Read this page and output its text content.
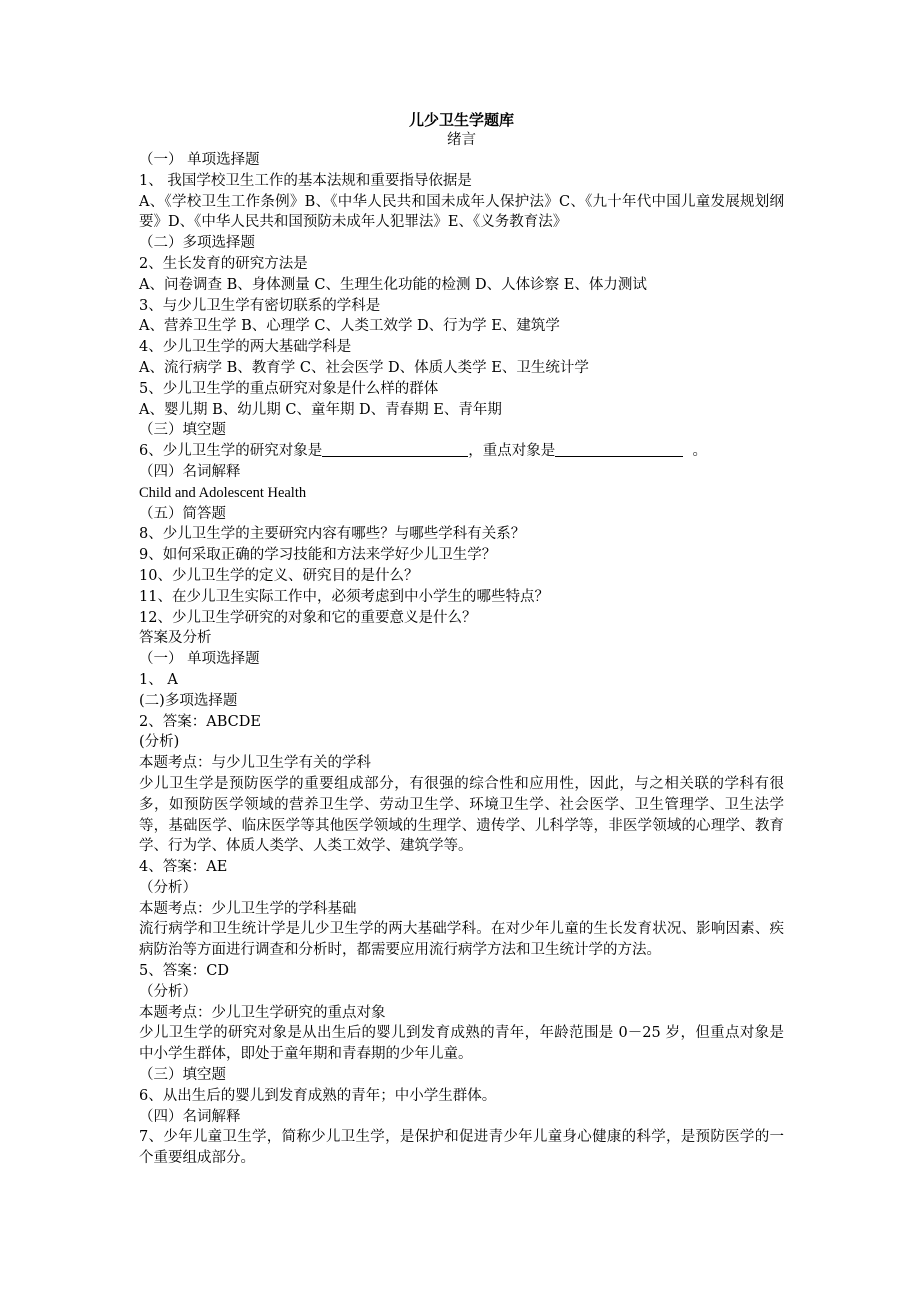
儿少卫生学题库
绪言
（一） 单项选择题
1、 我国学校卫生工作的基本法规和重要指导依据是
A、《学校卫生工作条例》B、《中华人民共和国未成年人保护法》C、《九十年代中国儿童发展规划纲要》D、《中华人民共和国预防未成年人犯罪法》E、《义务教育法》
（二）多项选择题
2、生长发育的研究方法是
A、问卷调查 B、身体测量 C、生理生化功能的检测 D、人体诊察 E、体力测试
3、与少儿卫生学有密切联系的学科是
A、营养卫生学 B、心理学 C、人类工效学 D、行为学 E、建筑学
4、少儿卫生学的两大基础学科是
A、流行病学 B、教育学 C、社会医学 D、体质人类学 E、卫生统计学
5、少儿卫生学的重点研究对象是什么样的群体
A、婴儿期 B、幼儿期 C、童年期 D、青春期 E、青年期
（三）填空题
6、少儿卫生学的研究对象是	，重点对象是	。
（四）名词解释
Child and Adolescent Health
（五）简答题
8、少儿卫生学的主要研究内容有哪些？与哪些学科有关系？
9、如何采取正确的学习技能和方法来学好少儿卫生学？
10、少儿卫生学的定义、研究目的是什么？
11、在少儿卫生实际工作中，必须考虑到中小学生的哪些特点？
12、少儿卫生学研究的对象和它的重要意义是什么？
答案及分析
（一） 单项选择题
1、 A
(二)多项选择题
2、答案：ABCDE
(分析)
本题考点：与少儿卫生学有关的学科
少儿卫生学是预防医学的重要组成部分，有很强的综合性和应用性，因此，与之相关联的学科有很多，如预防医学领域的营养卫生学、劳动卫生学、环境卫生学、社会医学、卫生管理学、卫生法学等，基础医学、临床医学等其他医学领域的生理学、遗传学、儿科学等，非医学领域的心理学、教育学、行为学、体质人类学、人类工效学、建筑学等。
4、答案：AE
（分析）
本题考点：少儿卫生学的学科基础
流行病学和卫生统计学是儿少卫生学的两大基础学科。在对少年儿童的生长发育状况、影响因素、疾病防治等方面进行调查和分析时，都需要应用流行病学方法和卫生统计学的方法。
5、答案：CD
（分析）
本题考点：少儿卫生学研究的重点对象
少儿卫生学的研究对象是从出生后的婴儿到发育成熟的青年，年龄范围是 0－25 岁，但重点对象是中小学生群体，即处于童年期和青春期的少年儿童。
（三）填空题
6、从出生后的婴儿到发育成熟的青年；中小学生群体。
（四）名词解释
7、少年儿童卫生学，简称少儿卫生学，是保护和促进青少年儿童身心健康的科学，是预防医学的一个重要组成部分。
